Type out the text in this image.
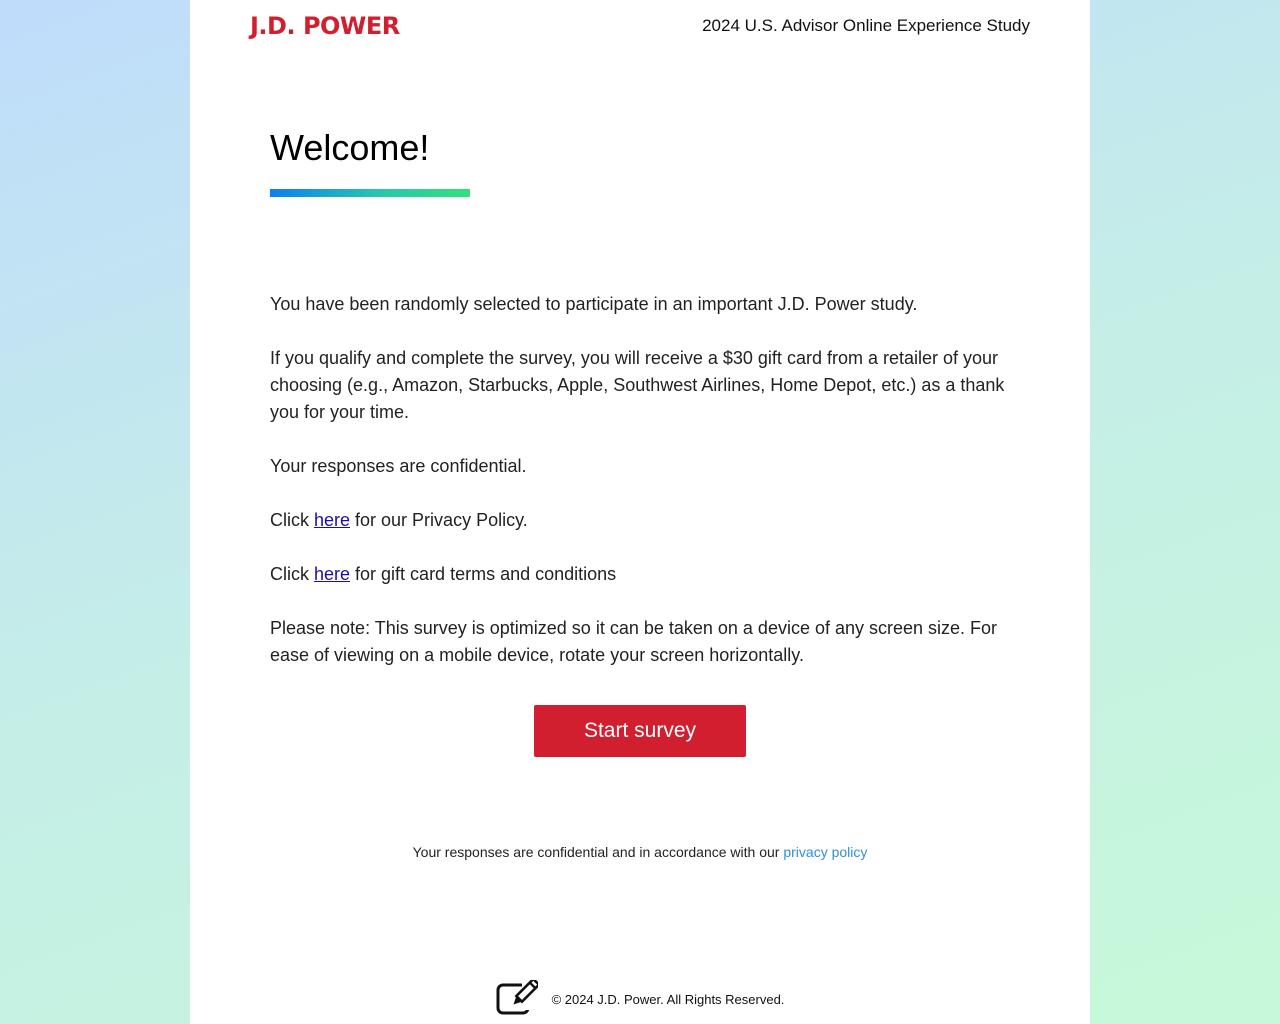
J.D. POWER	2024 U.S. Advisor Online Experience Study
Welcome!

You have been randomly selected to participate in an important J.D. Power study.

If you qualify and complete the survey, you will receive a $30 gift card from a retailer of your choosing (e.g., Amazon, Starbucks, Apple, Southwest Airlines, Home Depot, etc.) as a thank you for your time.

Your responses are confidential.

Click here for our Privacy Policy.

Click here for gift card terms and conditions

Please note: This survey is optimized so it can be taken on a device of any screen size. For ease of viewing on a mobile device, rotate your screen horizontally.

Start survey
Your responses are confidential and in accordance with our privacy policy
© 2024 J.D. Power. All Rights Reserved.
